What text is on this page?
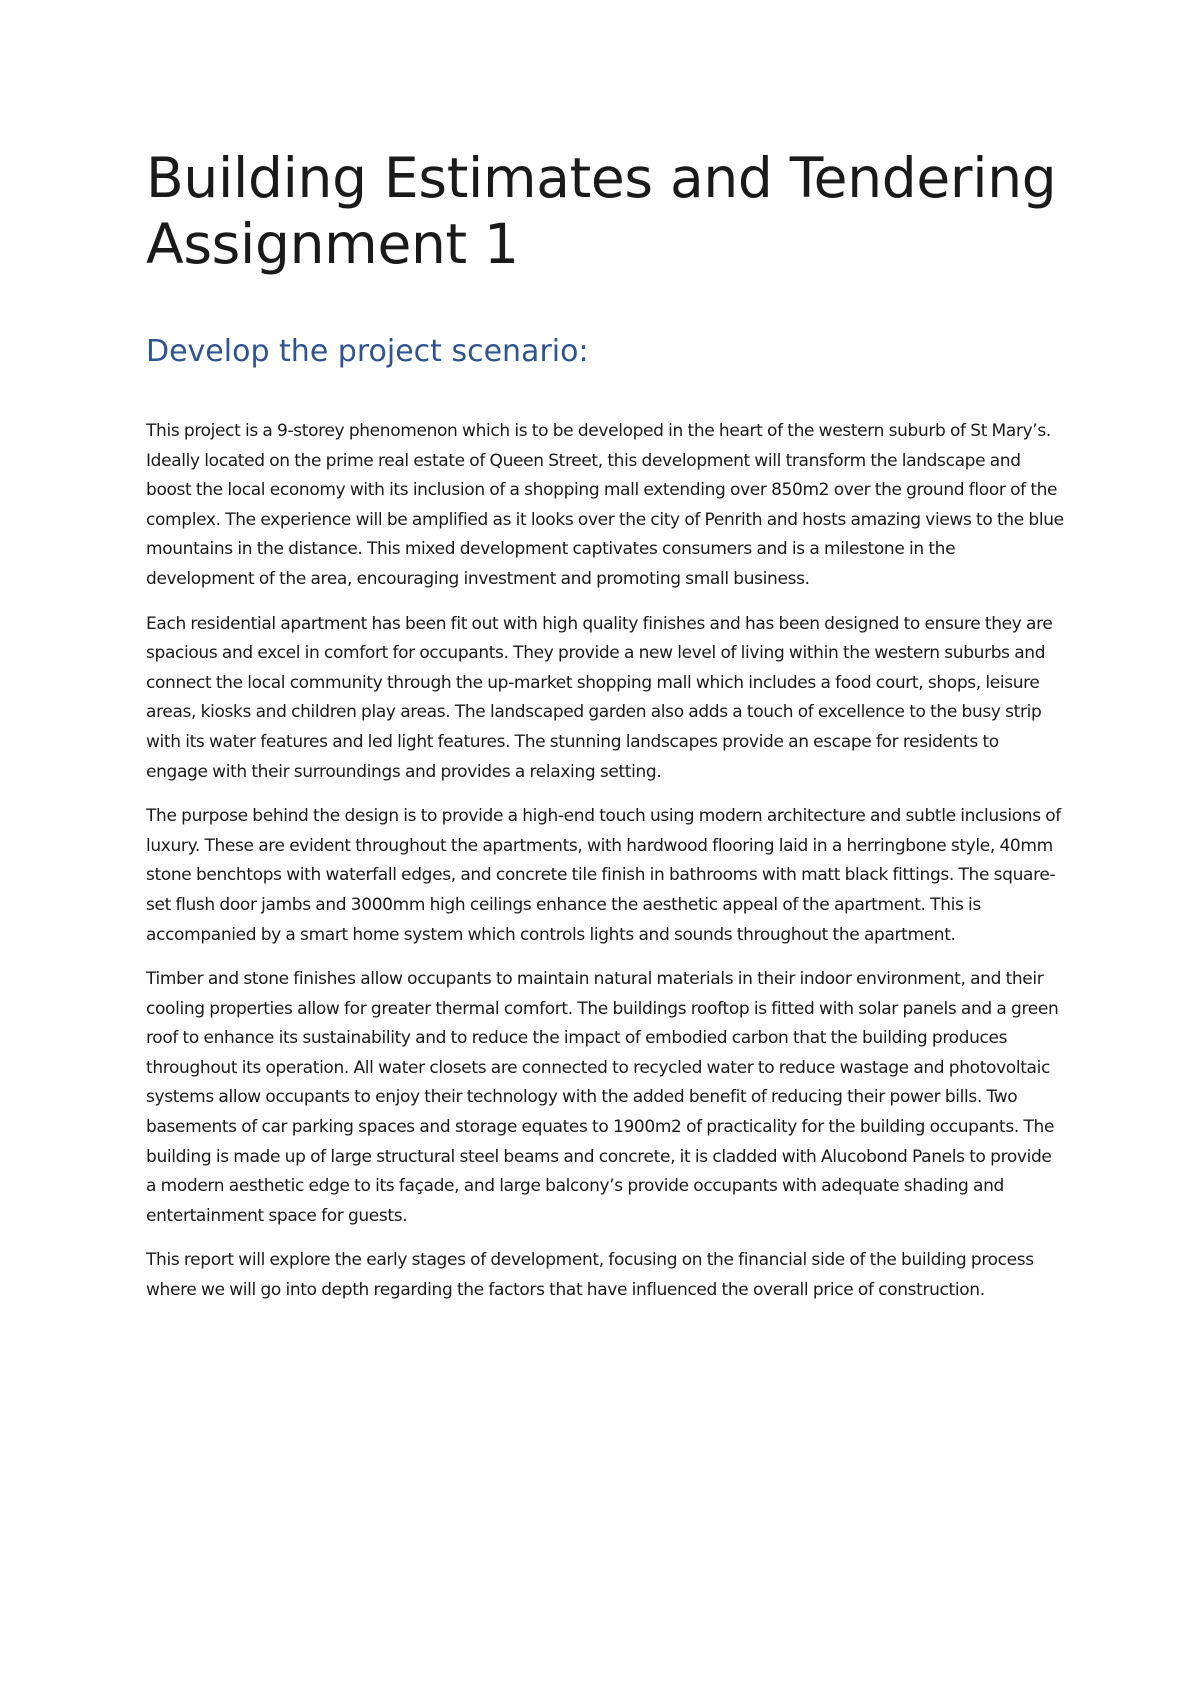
Building Estimates and Tendering Assignment 1
Develop the project scenario:

This project is a 9-storey phenomenon which is to be developed in the heart of the western suburb of St Mary’s. Ideally located on the prime real estate of Queen Street, this development will transform the landscape and boost the local economy with its inclusion of a shopping mall extending over 850m2 over the ground floor of the complex. The experience will be amplified as it looks over the city of Penrith and hosts amazing views to the blue mountains in the distance. This mixed development captivates consumers and is a milestone in the development of the area, encouraging investment and promoting small business.

Each residential apartment has been fit out with high quality finishes and has been designed to ensure they are spacious and excel in comfort for occupants. They provide a new level of living within the western suburbs and connect the local community through the up-market shopping mall which includes a food court, shops, leisure areas, kiosks and children play areas. The landscaped garden also adds a touch of excellence to the busy strip with its water features and led light features. The stunning landscapes provide an escape for residents to engage with their surroundings and provides a relaxing setting.

The purpose behind the design is to provide a high-end touch using modern architecture and subtle inclusions of luxury. These are evident throughout the apartments, with hardwood flooring laid in a herringbone style, 40mm stone benchtops with waterfall edges, and concrete tile finish in bathrooms with matt black fittings. The square-set flush door jambs and 3000mm high ceilings enhance the aesthetic appeal of the apartment. This is accompanied by a smart home system which controls lights and sounds throughout the apartment.

Timber and stone finishes allow occupants to maintain natural materials in their indoor environment, and their cooling properties allow for greater thermal comfort. The buildings rooftop is fitted with solar panels and a green roof to enhance its sustainability and to reduce the impact of embodied carbon that the building produces throughout its operation. All water closets are connected to recycled water to reduce wastage and photovoltaic systems allow occupants to enjoy their technology with the added benefit of reducing their power bills. Two basements of car parking spaces and storage equates to 1900m2 of practicality for the building occupants. The building is made up of large structural steel beams and concrete, it is cladded with Alucobond Panels to provide a modern aesthetic edge to its façade, and large balcony’s provide occupants with adequate shading and entertainment space for guests.

This report will explore the early stages of development, focusing on the financial side of the building process where we will go into depth regarding the factors that have influenced the overall price of construction.
